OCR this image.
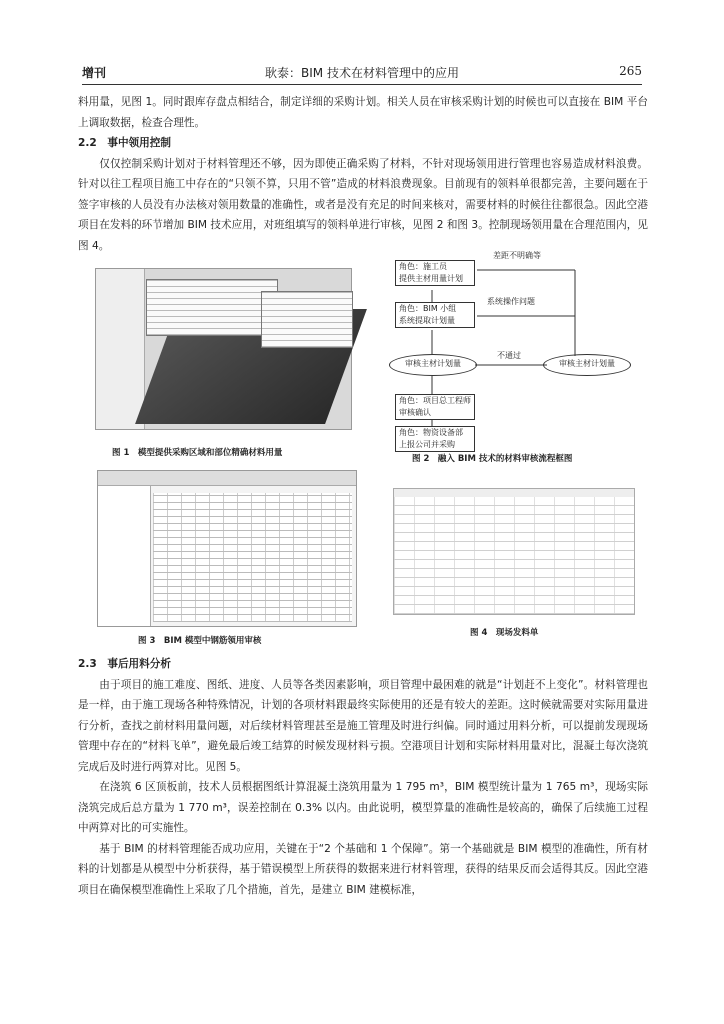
增刊	耿泰：BIM 技术在材料管理中的应用	265

料用量，见图 1。同时跟库存盘点相结合，制定详细的采购计划。相关人员在审核采购计划的时候也可以直接在 BIM 平台上调取数据，检查合理性。

2.2　事中领用控制

仅仅控制采购计划对于材料管理还不够，因为即使正确采购了材料，不针对现场领用进行管理也容易造成材料浪费。针对以往工程项目施工中存在的“只领不算，只用不管”造成的材料浪费现象。目前现有的领料单很都完善，主要问题在于签字审核的人员没有办法核对领用数量的准确性，或者是没有充足的时间来核对，需要材料的时候往往都很急。因此空港项目在发料的环节增加 BIM 技术应用，对班组填写的领料单进行审核，见图 2 和图 3。控制现场领用量在合理范围内，见图 4。

图 1　模型提供采购区域和部位精确材料用量
角色：施工员
提供主材用量计划
角色：BIM 小组
系统提取计划量
审核主材计划量	审核主材计划量
角色：项目总工程师
审核确认
角色：物资设备部
上报公司并采购
差距不明确等
系统操作问题
不通过
图 2　融入 BIM 技术的材料审核流程框图
图 3　BIM 模型中钢筋领用审核
图 4　现场发料单

2.3　事后用料分析

由于项目的施工难度、图纸、进度、人员等各类因素影响，项目管理中最困难的就是“计划赶不上变化”。材料管理也是一样，由于施工现场各种特殊情况，计划的各项材料跟最终实际使用的还是有较大的差距。这时候就需要对实际用量进行分析，查找之前材料用量问题，对后续材料管理甚至是施工管理及时进行纠偏。同时通过用料分析，可以提前发现现场管理中存在的“材料飞单”，避免最后竣工结算的时候发现材料亏损。空港项目计划和实际材料用量对比，混凝土每次浇筑完成后及时进行两算对比。见图 5。

在浇筑 6 区顶板前，技术人员根据图纸计算混凝土浇筑用量为 1 795 m³，BIM 模型统计量为 1 765 m³，现场实际浇筑完成后总方量为 1 770 m³，误差控制在 0.3% 以内。由此说明，模型算量的准确性是较高的，确保了后续施工过程中两算对比的可实施性。

基于 BIM 的材料管理能否成功应用，关键在于“2 个基础和 1 个保障”。第一个基础就是 BIM 模型的准确性，所有材料的计划都是从模型中分析获得，基于错误模型上所获得的数据来进行材料管理，获得的结果反而会适得其反。因此空港项目在确保模型准确性上采取了几个措施，首先，是建立 BIM 建模标准，
